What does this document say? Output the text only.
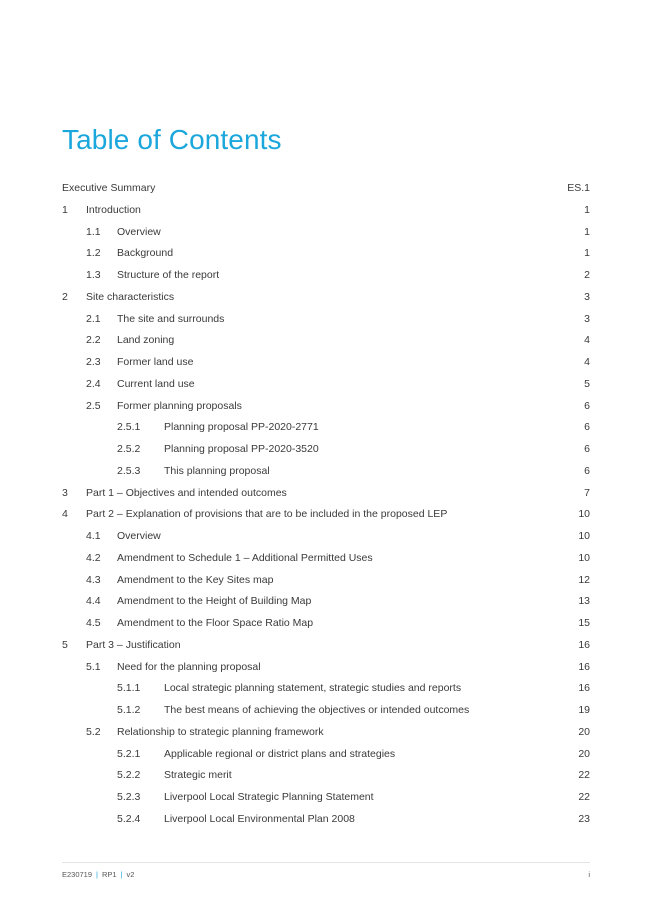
Table of Contents
Executive Summary	ES.1
1 Introduction	1
1.1 Overview	1
1.2 Background	1
1.3 Structure of the report	2
2 Site characteristics	3
2.1 The site and surrounds	3
2.2 Land zoning	4
2.3 Former land use	4
2.4 Current land use	5
2.5 Former planning proposals	6
2.5.1 Planning proposal PP-2020-2771	6
2.5.2 Planning proposal PP-2020-3520	6
2.5.3 This planning proposal	6
3 Part 1 – Objectives and intended outcomes	7
4 Part 2 – Explanation of provisions that are to be included in the proposed LEP	10
4.1 Overview	10
4.2 Amendment to Schedule 1 – Additional Permitted Uses	10
4.3 Amendment to the Key Sites map	12
4.4 Amendment to the Height of Building Map	13
4.5 Amendment to the Floor Space Ratio Map	15
5 Part 3 – Justification	16
5.1 Need for the planning proposal	16
5.1.1 Local strategic planning statement, strategic studies and reports	16
5.1.2 The best means of achieving the objectives or intended outcomes	19
5.2 Relationship to strategic planning framework	20
5.2.1 Applicable regional or district plans and strategies	20
5.2.2 Strategic merit	22
5.2.3 Liverpool Local Strategic Planning Statement	22
5.2.4 Liverpool Local Environmental Plan 2008	23
E230719 | RP1 | v2	i
